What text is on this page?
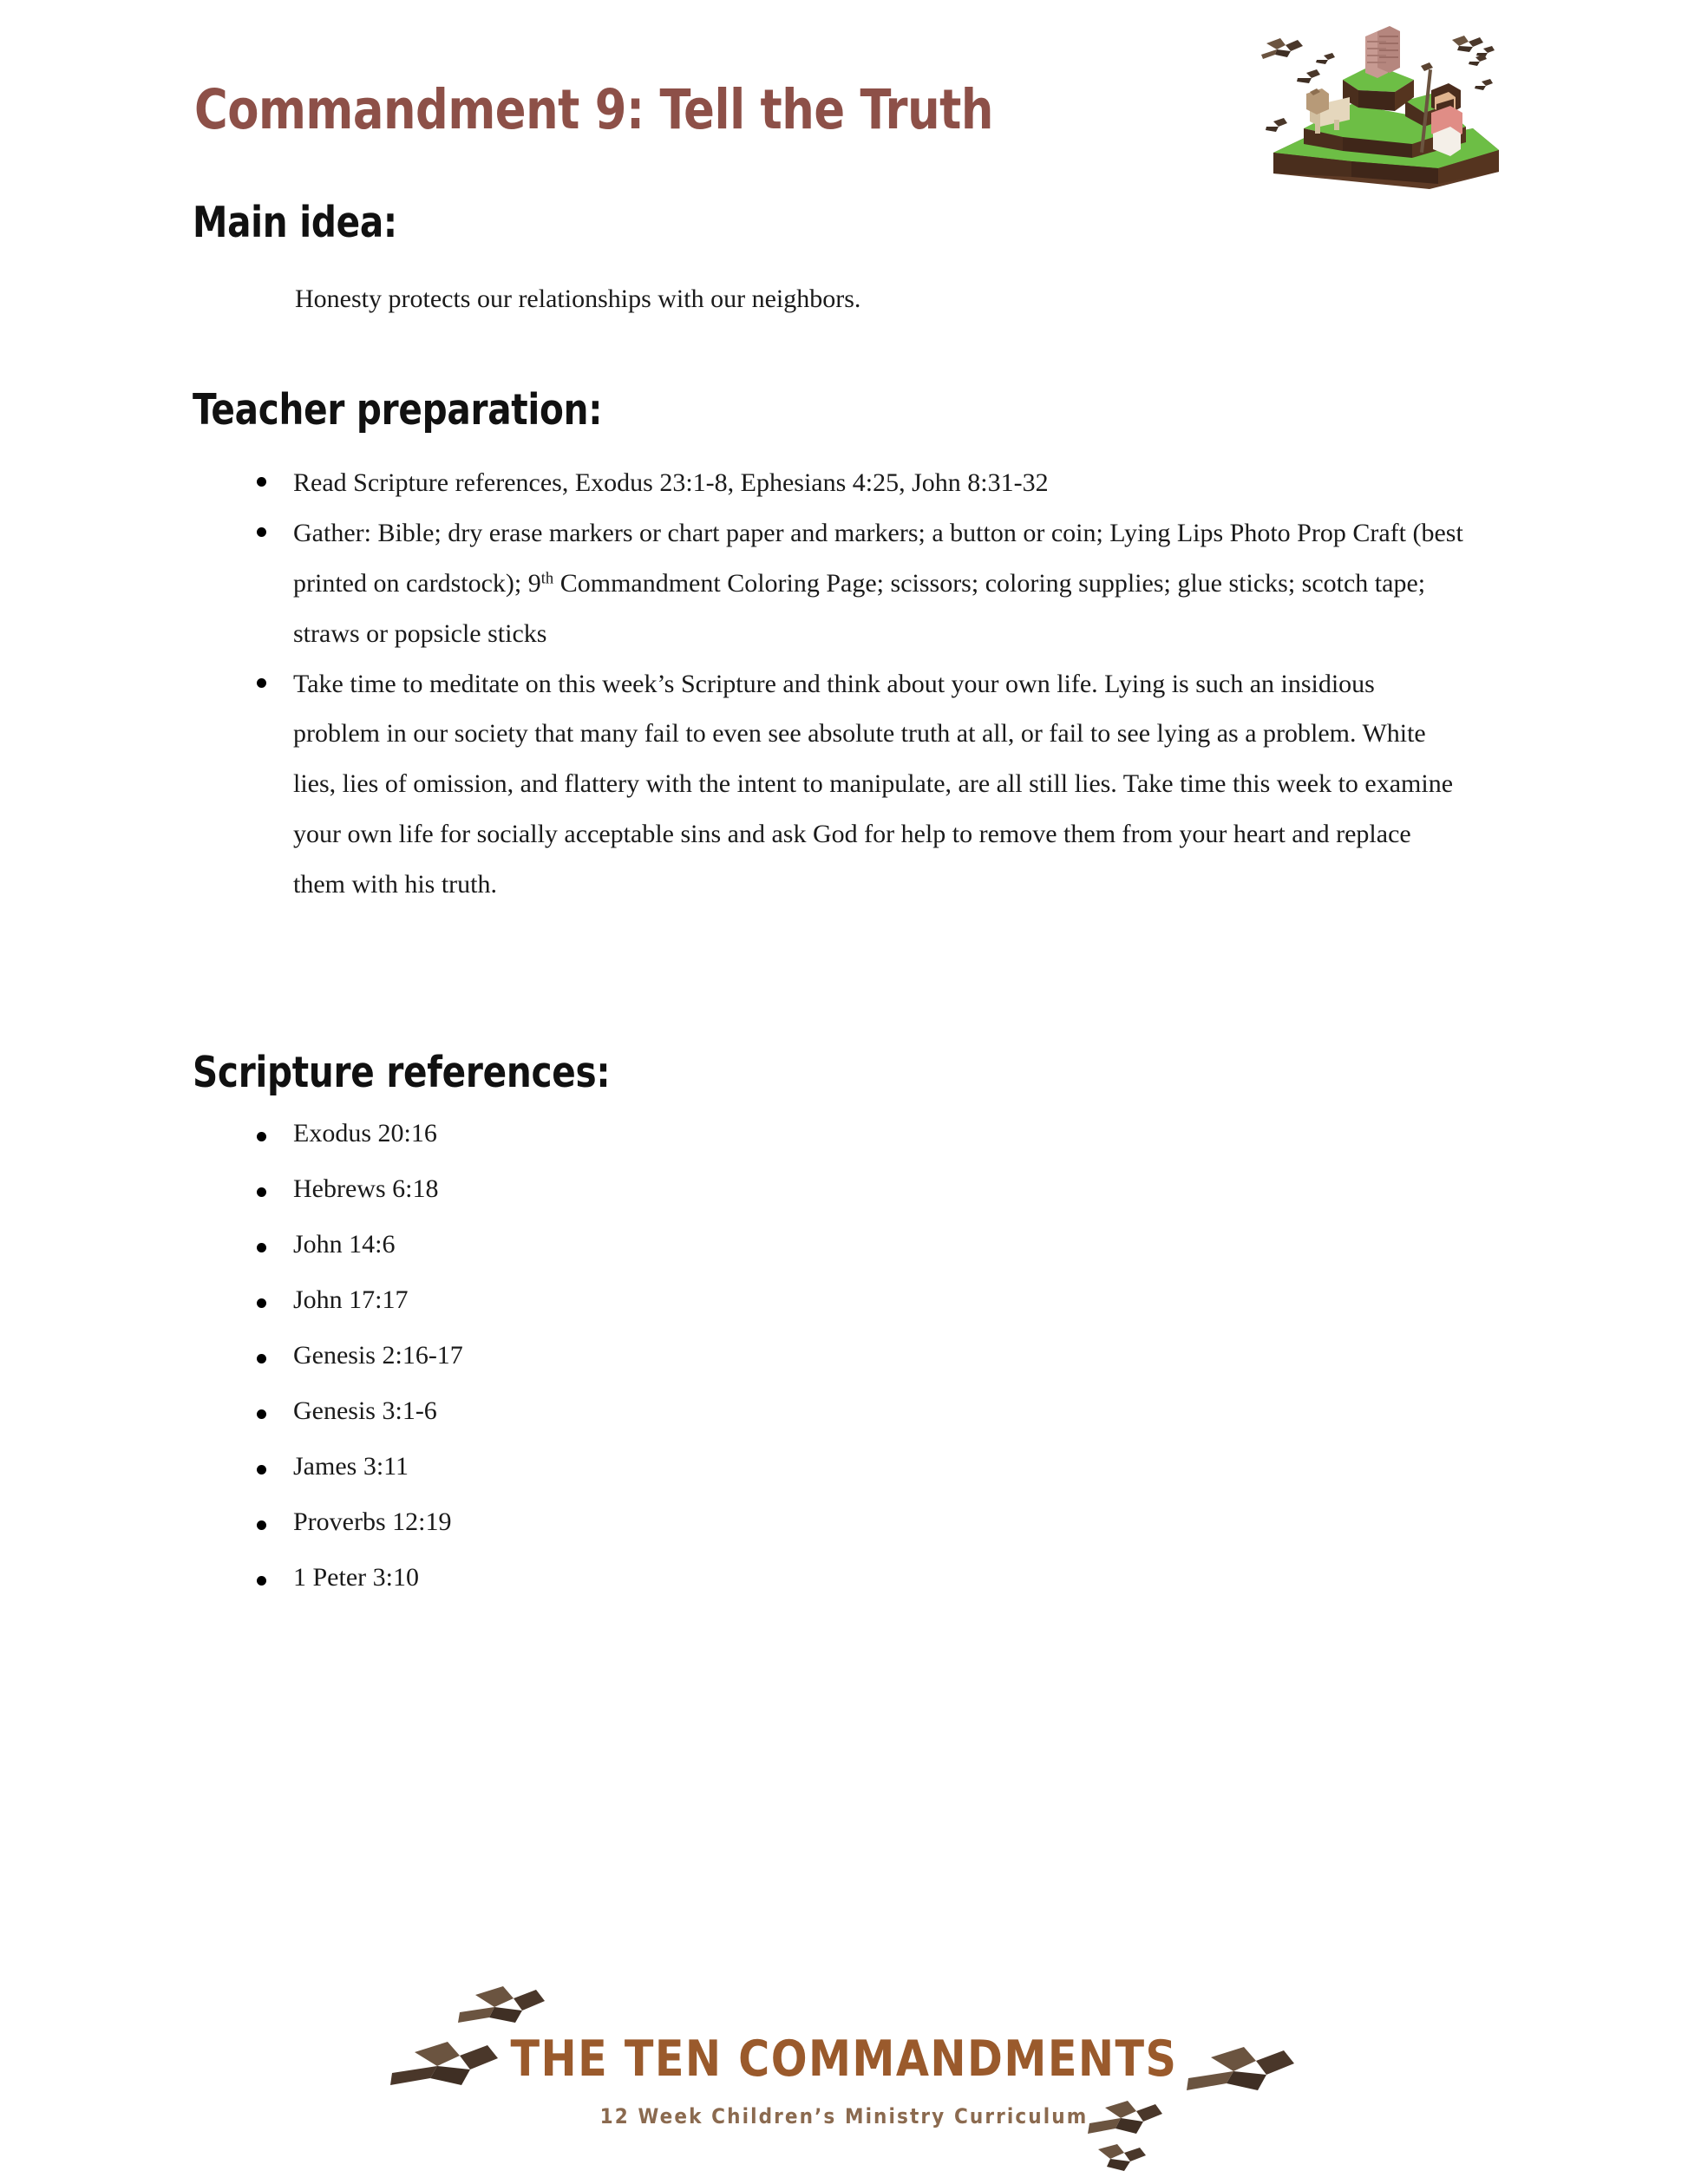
Commandment 9: Tell the Truth
Main idea:
Honesty protects our relationships with our neighbors.
Teacher preparation:
Read Scripture references, Exodus 23:1-8, Ephesians 4:25, John 8:31-32
Gather: Bible; dry erase markers or chart paper and markers; a button or coin; Lying Lips Photo Prop Craft (best printed on cardstock); 9th Commandment Coloring Page; scissors; coloring supplies; glue sticks; scotch tape; straws or popsicle sticks
Take time to meditate on this week’s Scripture and think about your own life. Lying is such an insidious problem in our society that many fail to even see absolute truth at all, or fail to see lying as a problem. White lies, lies of omission, and flattery with the intent to manipulate, are all still lies. Take time this week to examine your own life for socially acceptable sins and ask God for help to remove them from your heart and replace them with his truth.
Scripture references:
Exodus 20:16
Hebrews 6:18
John 14:6
John 17:17
Genesis 2:16-17
Genesis 3:1-6
James 3:11
Proverbs 12:19
1 Peter 3:10
THE TEN COMMANDMENTS
12 Week Children’s Ministry Curriculum
